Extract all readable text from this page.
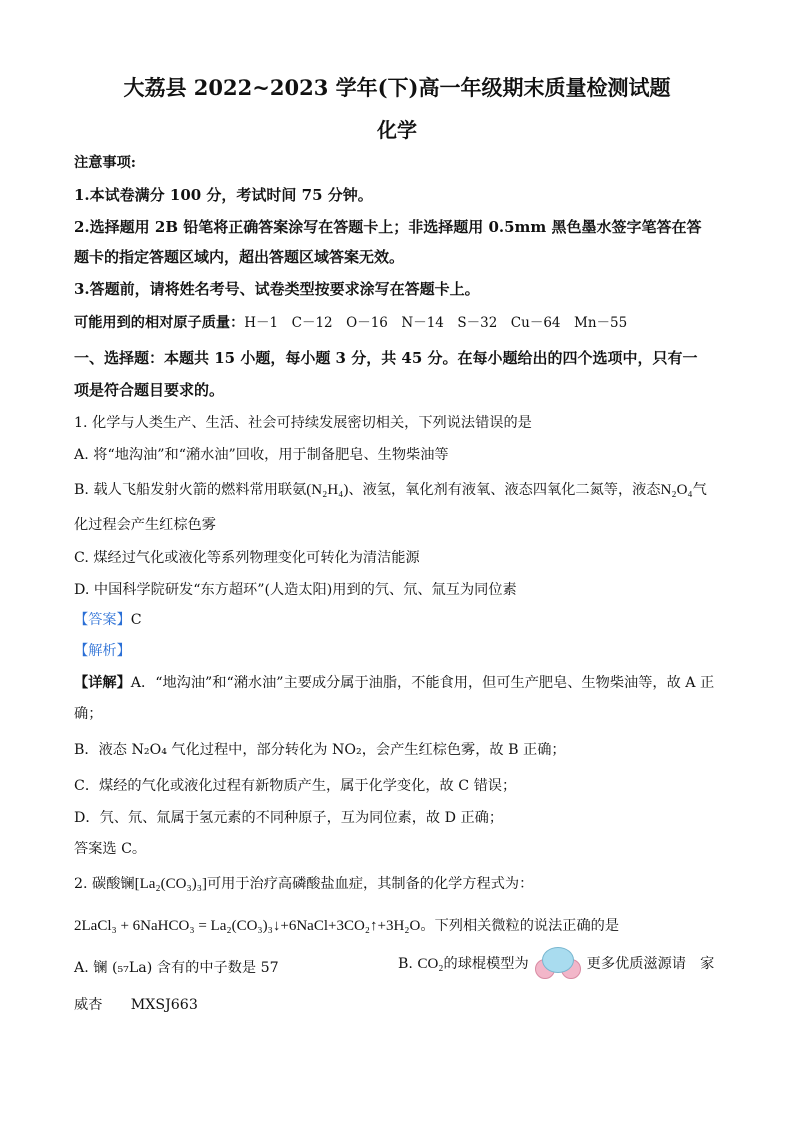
大荔县 2022~2023 学年(下)高一年级期末质量检测试题
化学
注意事项:
1.本试卷满分 100 分，考试时间 75 分钟。
2.选择题用 2B 铅笔将正确答案涂写在答题卡上；非选择题用 0.5mm 黑色墨水签字笔答在答
题卡的指定答题区域内，超出答题区域答案无效。
3.答题前，请将姓名考号、试卷类型按要求涂写在答题卡上。
可能用到的相对原子质量：H－1　C－12　O－16　N－14　S－32　Cu－64　Mn－55
一、选择题：本题共 15 小题，每小题 3 分，共 45 分。在每小题给出的四个选项中，只有一
项是符合题目要求的。
1. 化学与人类生产、生活、社会可持续发展密切相关，下列说法错误的是
A. 将“地沟油”和“潲水油”回收，用于制备肥皂、生物柴油等
B. 载人飞船发射火箭的燃料常用联氨(N₂H₄)、液氢，氧化剂有液氧、液态四氧化二氮等，液态N₂O₄气
化过程会产生红棕色雾
C. 煤经过气化或液化等系列物理变化可转化为清洁能源
D. 中国科学院研发“东方超环”(人造太阳)用到的氕、氘、氚互为同位素
【答案】C
【解析】
【详解】A．“地沟油”和“潲水油”主要成分属于油脂，不能食用，但可生产肥皂、生物柴油等，故 A 正
确；
B．液态 N₂O₄ 气化过程中，部分转化为 NO₂，会产生红棕色雾，故 B 正确；
C．煤经的气化或液化过程有新物质产生，属于化学变化，故 C 错误；
D．氕、氘、氚属于氢元素的不同种原子，互为同位素，故 D 正确；
答案选 C。
2. 碳酸镧[La₂(CO₃)₃]可用于治疗高磷酸盐血症，其制备的化学方程式为：
2LaCl₃ + 6NaHCO₃ = La₂(CO₃)₃↓+6NaCl+3CO₂↑+3H₂O。下列相关微粒的说法正确的是
A. 镧 (₅₇La) 含有的中子数是 57	B. CO₂的球棍模型为	更多优质滋源请　家
威杏　　MXSJ663
